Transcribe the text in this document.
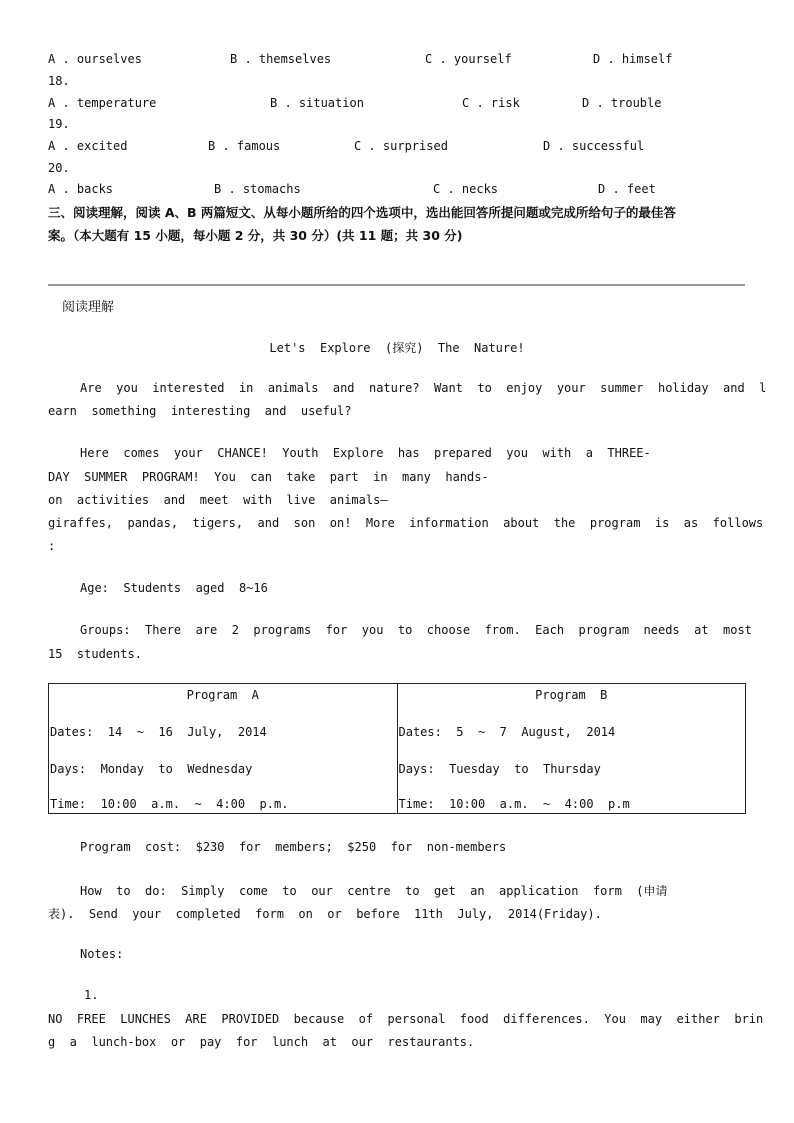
A . ourselves	B . themselves	C . yourself	D . himself
18.
A . temperature	B . situation	C . risk	D . trouble
19.
A . excited	B . famous	C . surprised	D . successful
20.
A . backs	B . stomachs	C . necks	D . feet
三、阅读理解，阅读 A、B 两篇短文、从每小题所给的四个选项中，选出能回答所提问题或完成所给句子的最佳答
案。（本大题有 15 小题，每小题 2 分，共 30 分）(共 11 题；共 30 分)
阅读理解
Let's  Explore  (探究)  The  Nature!
Are  you  interested  in  animals  and  nature?  Want  to  enjoy  your  summer  holiday  and  l
earn  something  interesting  and  useful?
Here  comes  your  CHANCE!  Youth  Explore  has  prepared  you  with  a  THREE-
DAY  SUMMER  PROGRAM!  You  can  take  part  in  many  hands-
on  activities  and  meet  with  live  animals—
giraffes,  pandas,  tigers,  and  son  on!  More  information  about  the  program  is  as  follows
:
Age:  Students  aged  8~16
Groups:  There  are  2  programs  for  you  to  choose  from.  Each  program  needs  at  most
15  students.
Program  A
Dates:  14  ~  16  July,  2014
Days:  Monday  to  Wednesday
Time:  10:00  a.m.  ~  4:00  p.m.

Program  B
Dates:  5  ~  7  August,  2014
Days:  Tuesday  to  Thursday
Time:  10:00  a.m.  ~  4:00  p.m
Program  cost:  $230  for  members;  $250  for  non-members
How  to  do:  Simply  come  to  our  centre  to  get  an  application  form  (申请
表).  Send  your  completed  form  on  or  before  11th  July,  2014(Friday).
Notes:
1.
NO  FREE  LUNCHES  ARE  PROVIDED  because  of  personal  food  differences.  You  may  either  brin
g  a  lunch-box  or  pay  for  lunch  at  our  restaurants.
